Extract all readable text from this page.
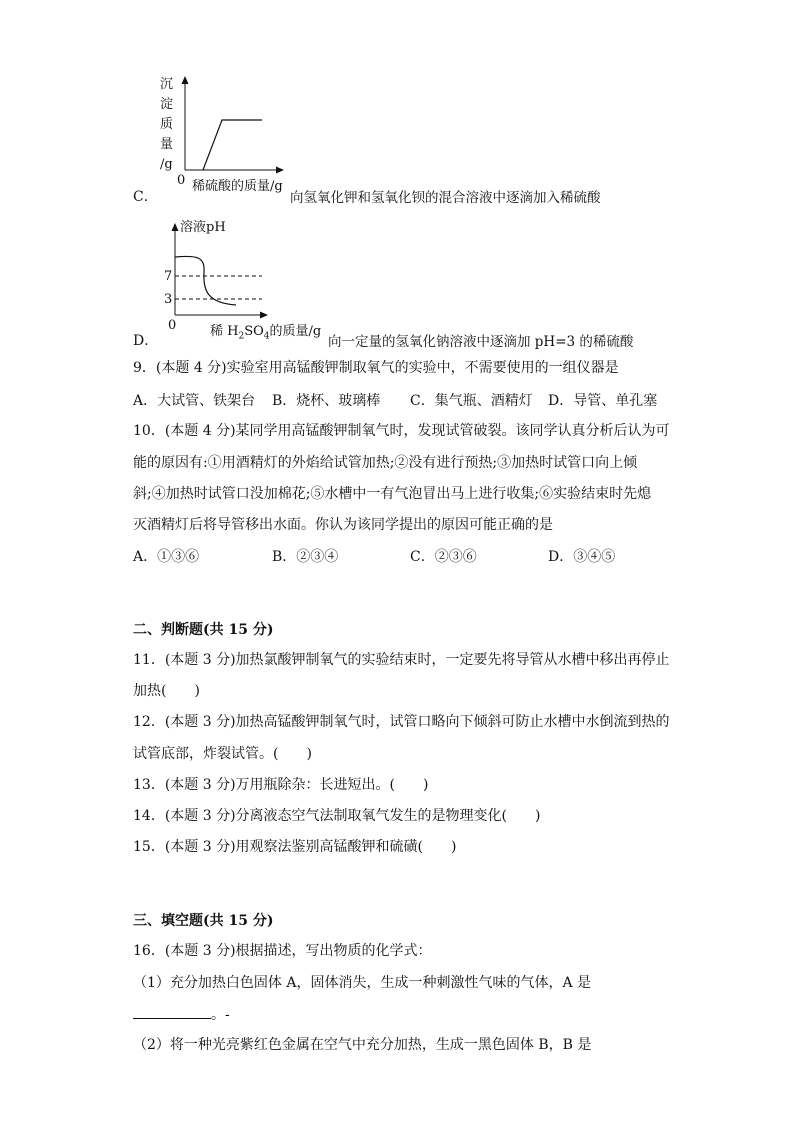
沉
淀
质
量
/g
0 稀硫酸的质量/g
C．	向氢氧化钾和氢氧化钡的混合溶液中逐滴加入稀硫酸
溶液pH
7
3
0	稀 $H_2SO_4$的质量/g
D．	向一定量的氢氧化钠溶液中逐滴加 pH=3 的稀硫酸
9．(本题 4 分)实验室用高锰酸钾制取氧气的实验中，不需要使用的一组仪器是
A．大试管、铁架台 B．烧杯、玻璃棒 C．集气瓶、酒精灯 D．导管、单孔塞
10．(本题 4 分)某同学用高锰酸钾制氧气时，发现试管破裂。该同学认真分析后认为可
能的原因有:①用酒精灯的外焰给试管加热;②没有进行预热;③加热时试管口向上倾
斜;④加热时试管口没加棉花;⑤水槽中一有气泡冒出马上进行收集;⑥实验结束时先熄
灭酒精灯后将导管移出水面。你认为该同学提出的原因可能正确的是
A．①③⑥	B．②③④	C．②③⑥	D．③④⑤
二、判断题(共 15 分)
11．(本题 3 分)加热氯酸钾制氧气的实验结束时，一定要先将导管从水槽中移出再停止
加热(　　)
12．(本题 3 分)加热高锰酸钾制氧气时，试管口略向下倾斜可防止水槽中水倒流到热的
试管底部，炸裂试管。(　　)
13．(本题 3 分)万用瓶除杂：长进短出。(　　)
14．(本题 3 分)分离液态空气法制取氧气发生的是物理变化(　　)
15．(本题 3 分)用观察法鉴别高锰酸钾和硫磺(　　)
三、填空题(共 15 分)
16．(本题 3 分)根据描述，写出物质的化学式：
（1）充分加热白色固体 A，固体消失，生成一种刺激性气味的气体，A 是
。-
（2）将一种光亮紫红色金属在空气中充分加热，生成一黑色固体 B，B 是
